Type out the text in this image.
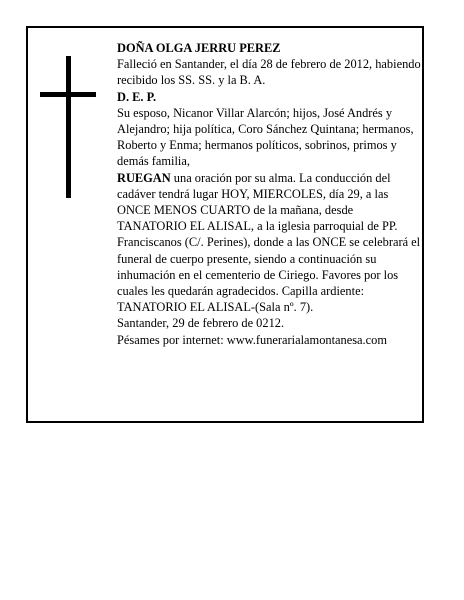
DOÑA OLGA JERRU PEREZ

Falleció en Santander, el día 28 de febrero de 2012, habiendo recibido los SS. SS. y la B. A.

D. E. P.

Su esposo, Nicanor Villar Alarcón; hijos, José Andrés y Alejandro; hija política, Coro Sánchez Quintana; hermanos, Roberto y Enma; hermanos políticos, sobrinos, primos y demás familia,

RUEGAN una oración por su alma. La conducción del cadáver tendrá lugar HOY, MIERCOLES, día 29, a las ONCE MENOS CUARTO de la mañana, desde TANATORIO EL ALISAL, a la iglesia parroquial de PP. Franciscanos (C/. Perines), donde a las ONCE se celebrará el funeral de cuerpo presente, siendo a continuación su inhumación en el cementerio de Ciriego. Favores por los cuales les quedarán agradecidos. Capilla ardiente: TANATORIO EL ALISAL-(Sala nº. 7).

Santander, 29 de febrero de 0212.

Pésames por internet: www.funerarialamontanesa.com
